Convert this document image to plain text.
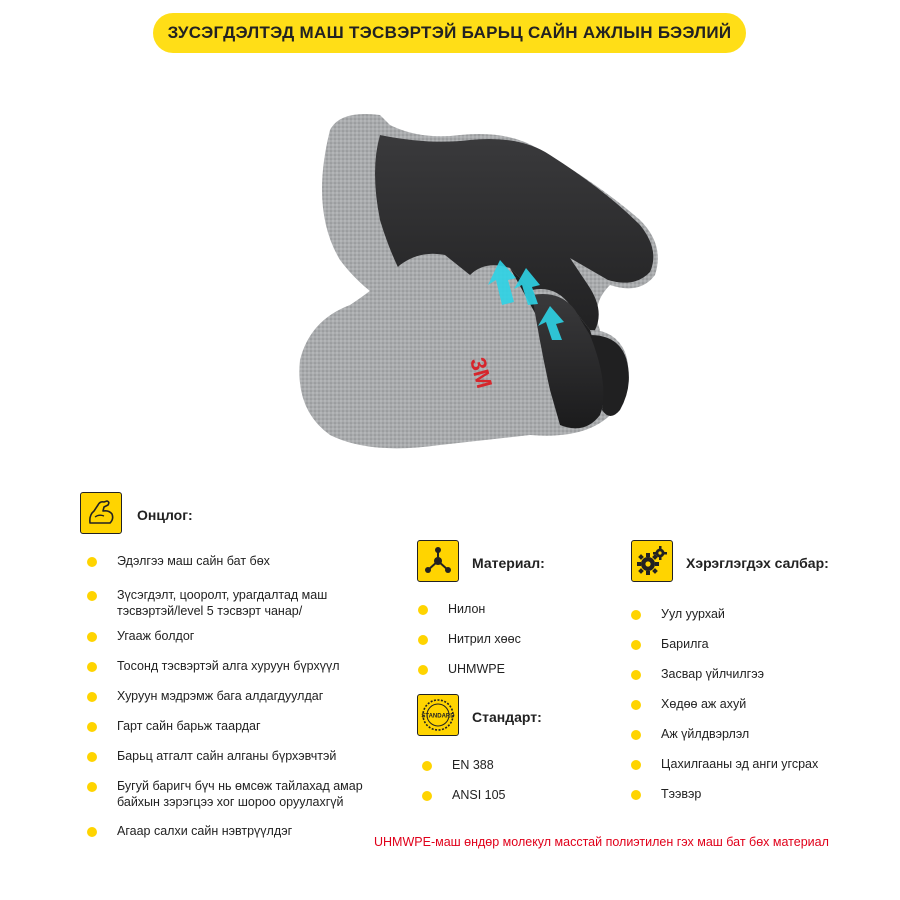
ЗУСЭГДЭЛТЭД МАШ ТЭСВЭРТЭЙ БАРЬЦ САЙН АЖЛЫН БЭЭЛИЙ
3M
Онцлог:
Эдэлгээ маш сайн бат бөх
Зүсэгдэлт, цооролт, урагдалтад маш тэсвэртэй/level 5 тэсвэрт чанар/
Угааж болдог
Тосонд тэсвэртэй алга хуруун бүрхүүл
Хуруун мэдрэмж бага алдагдуулдаг
Гарт сайн барьж таардаг
Барьц атгалт сайн алганы бүрхэвчтэй
Бугуй баригч бүч нь өмсөж тайлахад амар байхын зэрэгцээ хог шороо оруулахгүй
Агаар салхи сайн нэвтрүүлдэг
Материал:
Нилон
Нитрил хөөс
UHMWPE
STANDARD Стандарт:
EN 388
ANSI 105
Хэрэглэгдэх салбар:
Уул уурхай
Барилга
Засвар үйлчилгээ
Хөдөө аж ахуй
Аж үйлдвэрлэл
Цахилгааны эд анги угсрах
Тээвэр
UHMWPE-маш өндөр молекул масстай полиэтилен гэх маш бат бөх материал
